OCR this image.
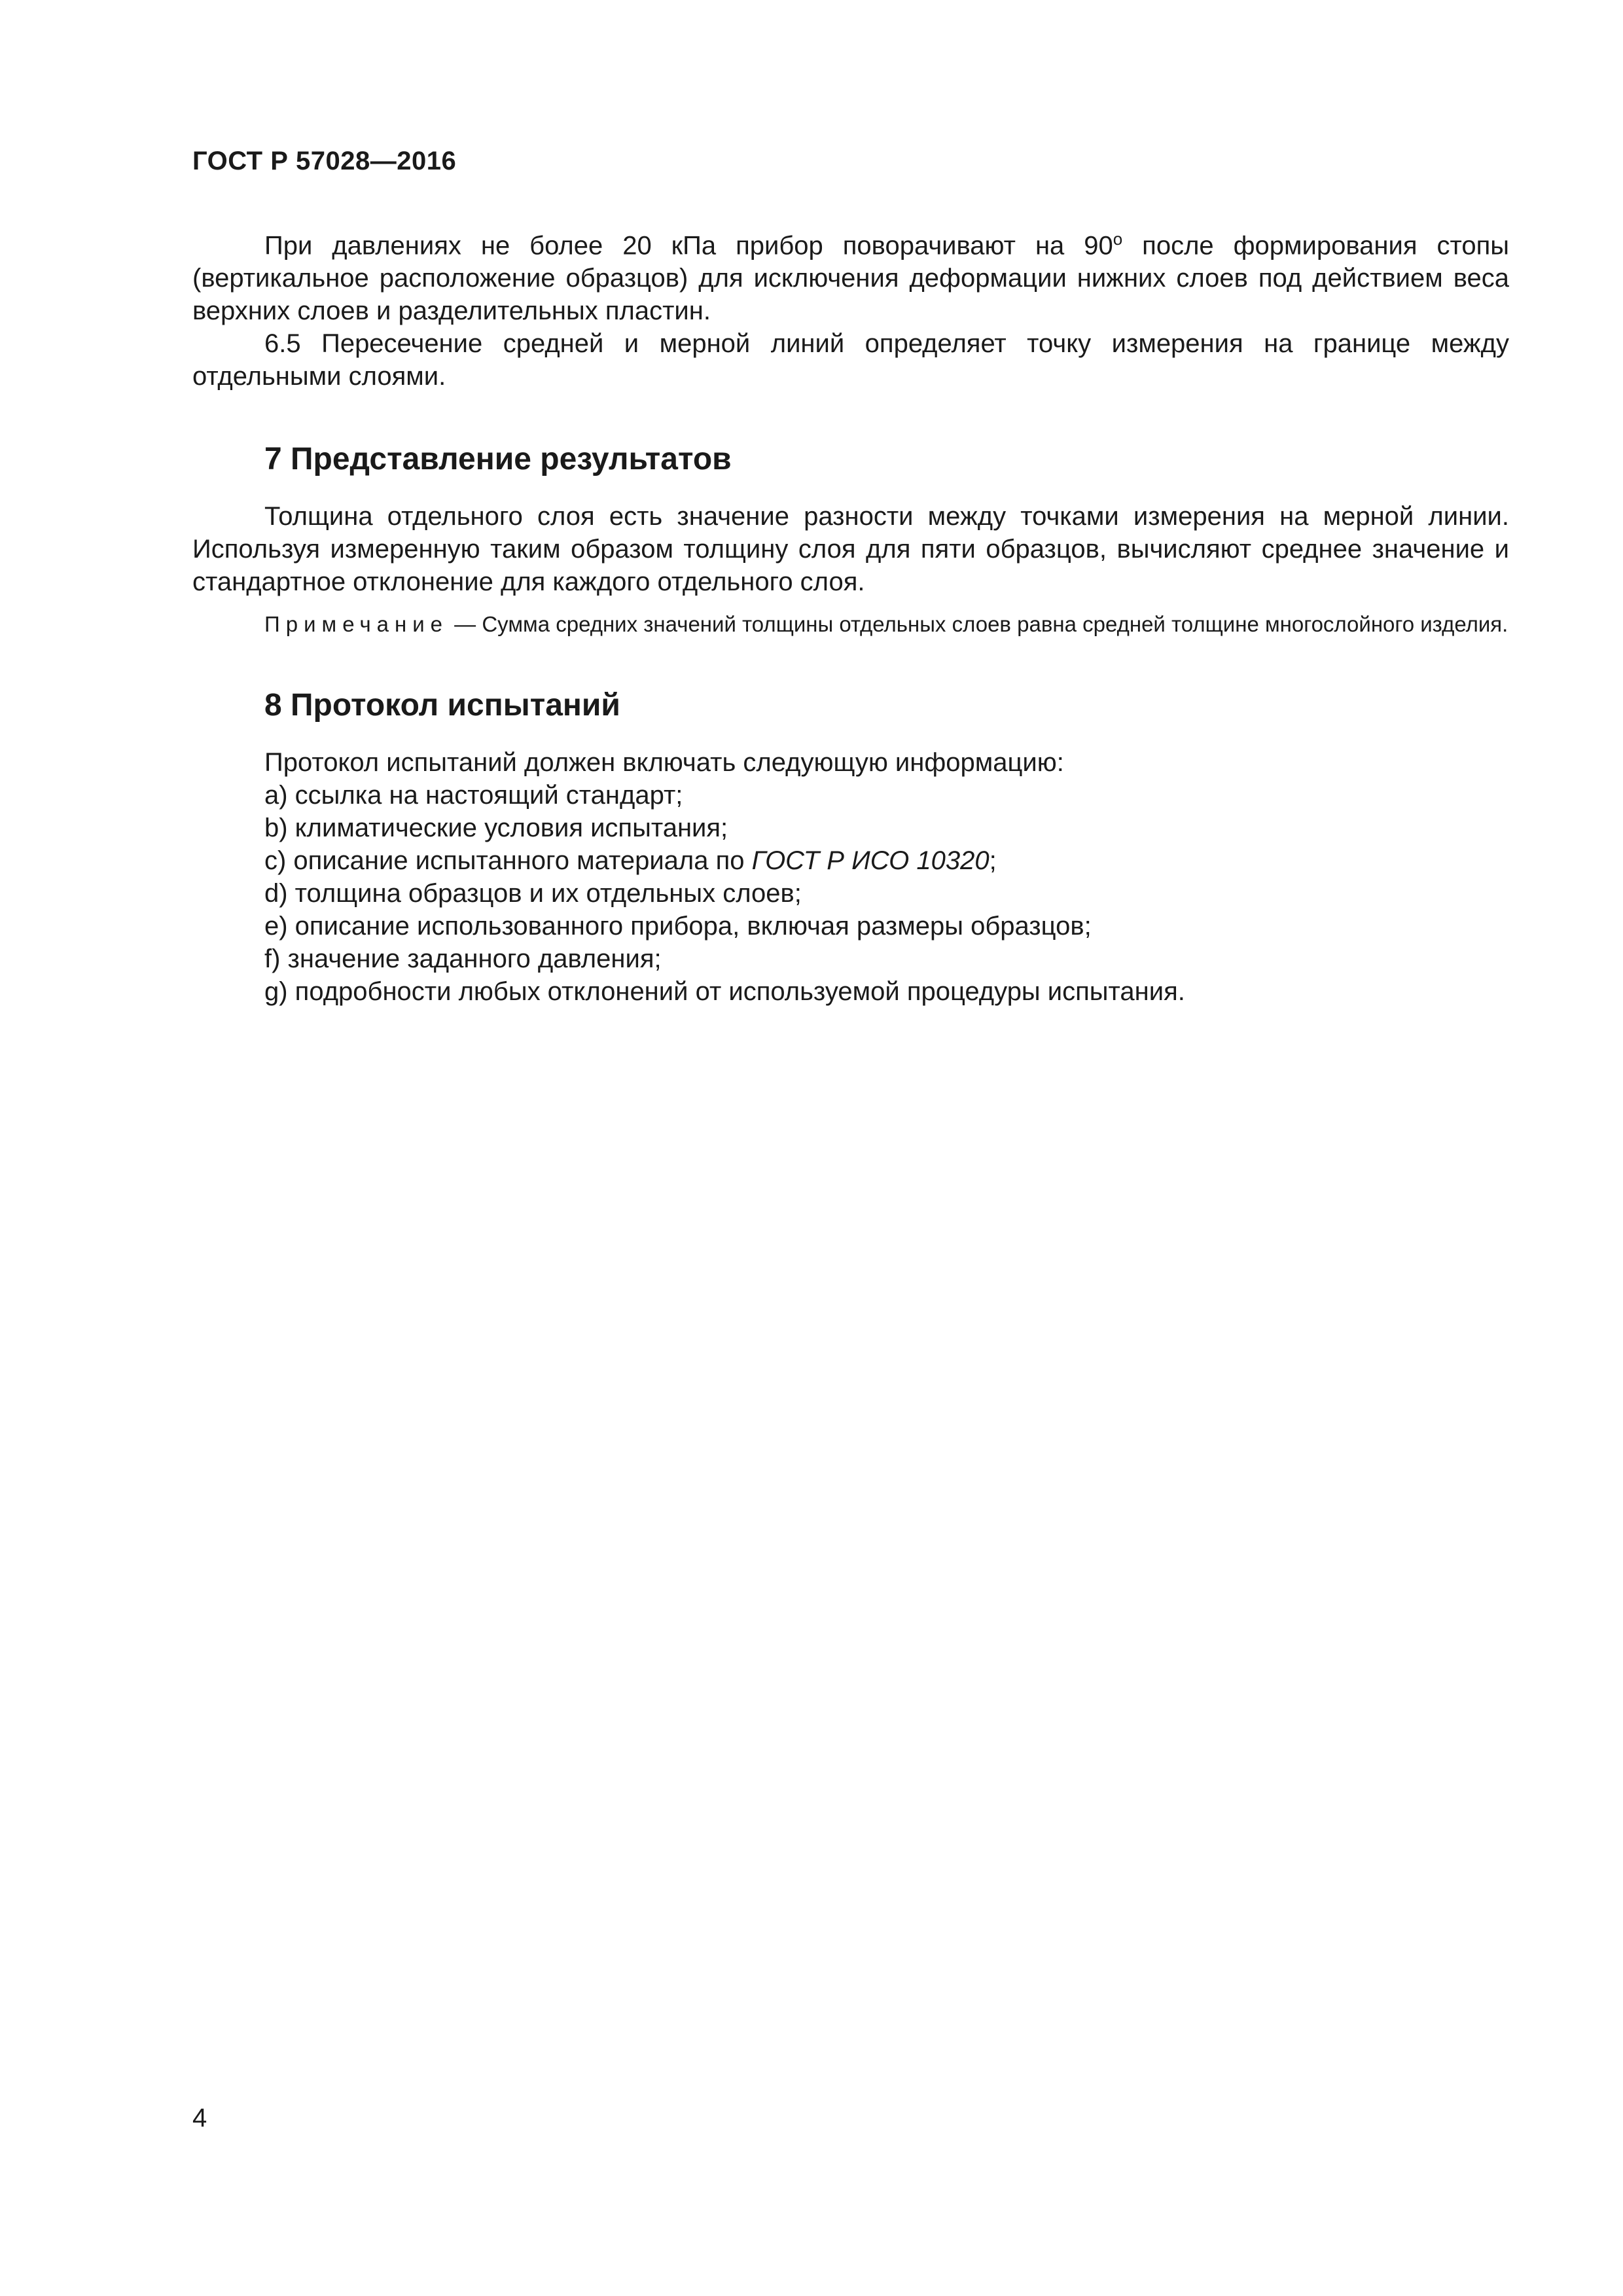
ГОСТ Р 57028—2016

При давлениях не более 20 кПа прибор поворачивают на $90^о$ после формирования стопы (вертикальное расположение образцов) для исключения деформации нижних слоев под действием веса верхних слоев и разделительных пластин.

6.5 Пересечение средней и мерной линий определяет точку измерения на границе между отдельными слоями.

7 Представление результатов

Толщина отдельного слоя есть значение разности между точками измерения на мерной линии. Используя измеренную таким образом толщину слоя для пяти образцов, вычисляют среднее значение и стандартное отклонение для каждого отдельного слоя.

Примечание — Сумма средних значений толщины отдельных слоев равна средней толщине многослойного изделия.

8 Протокол испытаний
Протокол испытаний должен включать следующую информацию:
a) ссылка на настоящий стандарт;
b) климатические условия испытания;
c) описание испытанного материала по ГОСТ Р ИСО 10320;
d) толщина образцов и их отдельных слоев;
e) описание использованного прибора, включая размеры образцов;
f) значение заданного давления;
g) подробности любых отклонений от используемой процедуры испытания.
4
